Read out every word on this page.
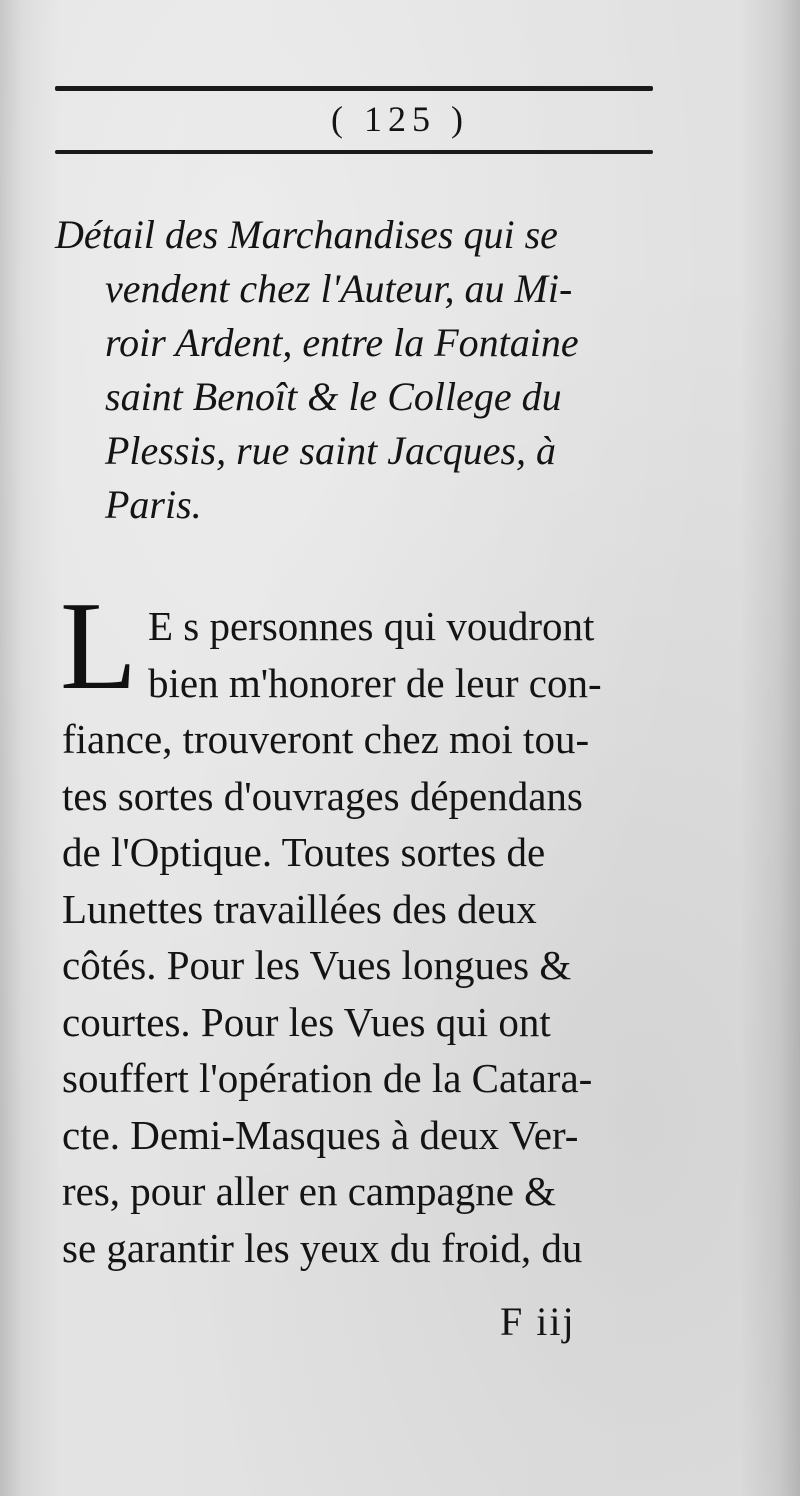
( 125 )
Détail des Marchandises qui se
vendent chez l'Auteur, au Mi-
roir Ardent, entre la Fontaine
saint Benoît & le College du
Plessis, rue saint Jacques, à
Paris.
L E s personnes qui voudront
bien m'honorer de leur con-
fiance, trouveront chez moi tou-
tes sortes d'ouvrages dépendans
de l'Optique. Toutes sortes de
Lunettes travaillées des deux
côtés. Pour les Vues longues &
courtes. Pour les Vues qui ont
souffert l'opération de la Catara-
cte. Demi-Masques à deux Ver-
res, pour aller en campagne &
se garantir les yeux du froid, du
F iij
